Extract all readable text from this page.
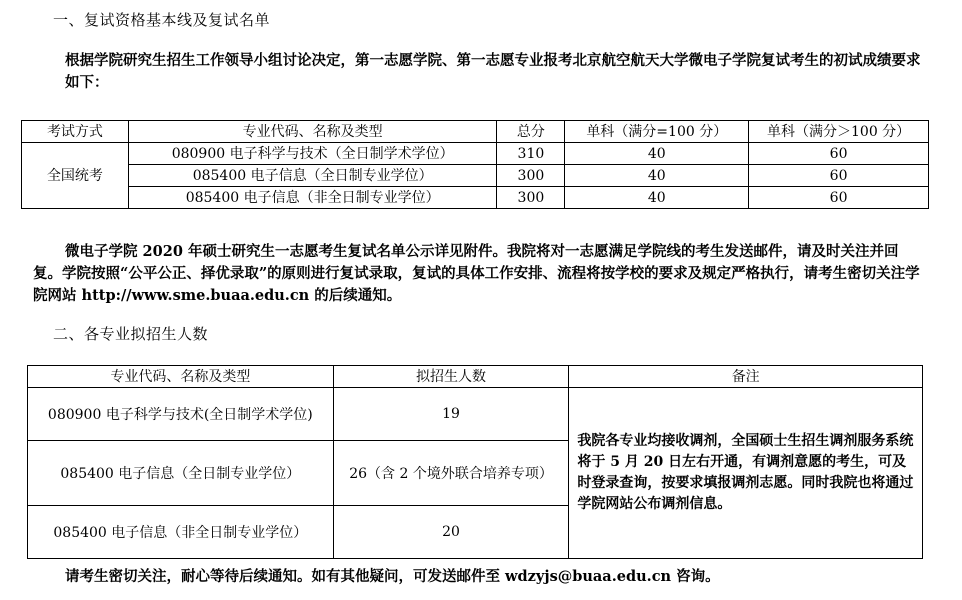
一、复试资格基本线及复试名单
根据学院研究生招生工作领导小组讨论决定，第一志愿学院、第一志愿专业报考北京航空航天大学微电子学院复试考生的初试成绩要求如下：
考试方式	专业代码、名称及类型	总分	单科（满分=100 分）	单科（满分＞100 分）
全国统考	080900 电子科学与技术（全日制学术学位）	310	40	60
	085400 电子信息（全日制专业学位）	300	40	60
	085400 电子信息（非全日制专业学位）	300	40	60
微电子学院 2020 年硕士研究生一志愿考生复试名单公示详见附件。我院将对一志愿满足学院线的考生发送邮件，请及时关注并回复。学院按照“公平公正、择优录取”的原则进行复试录取，复试的具体工作安排、流程将按学校的要求及规定严格执行，请考生密切关注学院网站 http://www.sme.buaa.edu.cn 的后续通知。
二、各专业拟招生人数
专业代码、名称及类型	拟招生人数	备注
080900 电子科学与技术(全日制学术学位)	19	我院各专业均接收调剂，全国硕士生招生调剂服务系统将于 5 月 20 日左右开通，有调剂意愿的考生，可及时登录查询，按要求填报调剂志愿。同时我院也将通过学院网站公布调剂信息。
085400 电子信息（全日制专业学位）	26（含 2 个境外联合培养专项）	
085400 电子信息（非全日制专业学位）	20	
请考生密切关注，耐心等待后续通知。如有其他疑问，可发送邮件至 wdzyjs@buaa.edu.cn 咨询。
